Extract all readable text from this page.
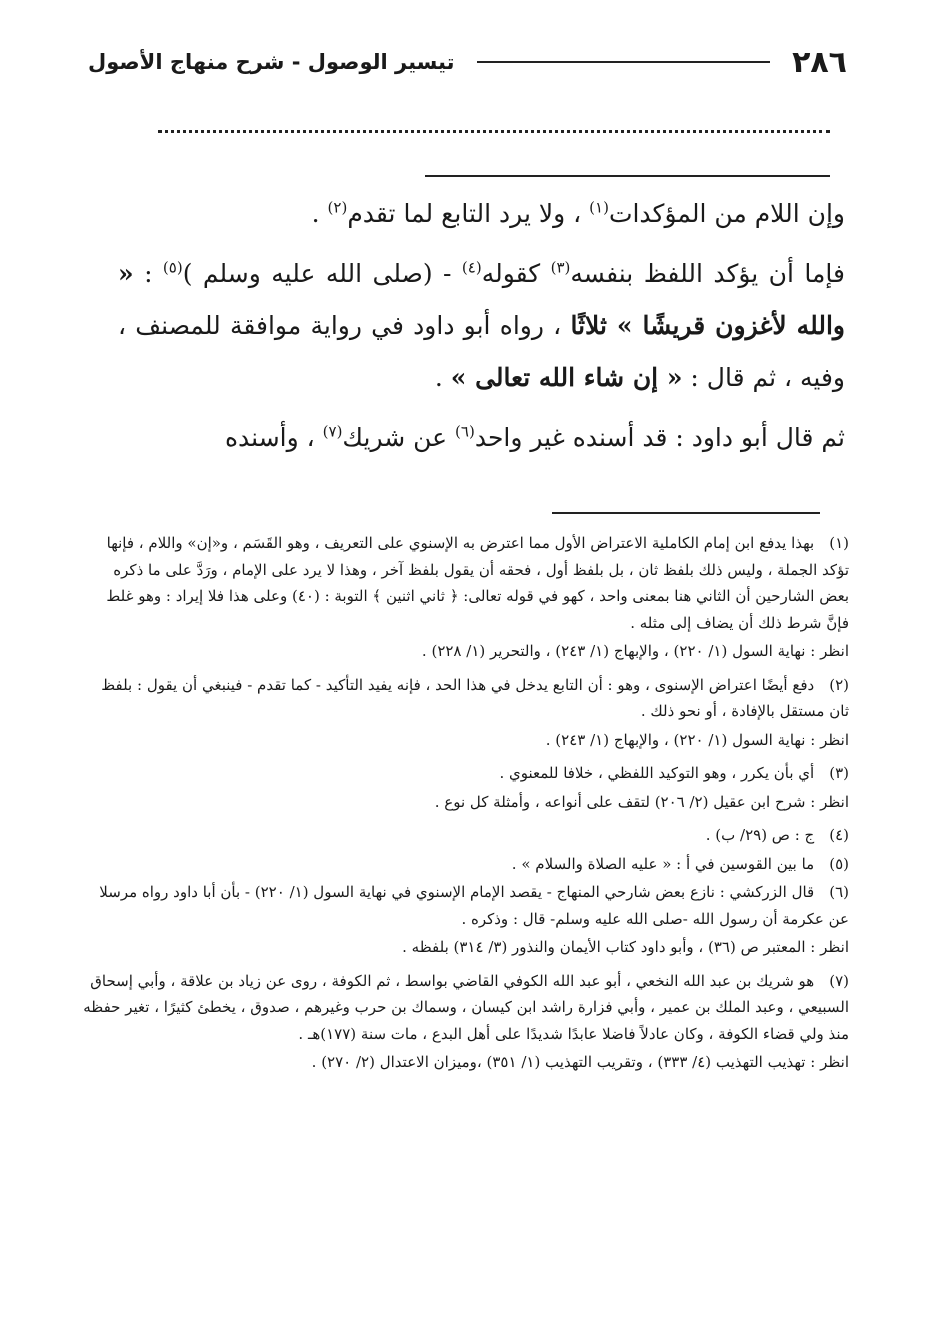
٢٨٦
تيسير الوصول - شرح منهاج الأصول

وإن اللام من المؤكدات$^{(١)}$ ، ولا يرد التابع لما تقدم$^{(٢)}$ .

فإما أن يؤكد اللفظ بنفسه$^{(٣)}$ كقوله$^{(٤)}$ - (صلى الله عليه وسلم )$^{(٥)}$ : « والله لأغزون قريشًا » ثلاثًا ، رواه أبو داود في رواية موافقة للمصنف ، وفيه ، ثم قال : « إن شاء الله تعالى » .

ثم قال أبو داود : قد أسنده غير واحد$^{(٦)}$ عن شريك$^{(٧)}$ ، وأسنده

(١) بهذا يدفع ابن إمام الكاملية الاعتراض الأول مما اعترض به الإسنوي على التعريف ، وهو القَسَم ، و«إن» واللام ، فإنها تؤكد الجملة ، وليس ذلك بلفظ ثان ، بل بلفظ أول ، فحقه أن يقول بلفظ آخر ، وهذا لا يرد على الإمام ، ورَدَّ على ما ذكره بعض الشارحين أن الثاني هنا بمعنى واحد ، كهو في قوله تعالى: ﴿ ثاني اثنين ﴾ التوبة : (٤٠) وعلى هذا فلا إيراد : وهو غلط فإنَّ شرط ذلك أن يضاف إلى مثله .
انظر : نهاية السول (١/ ٢٢٠) ، والإبهاج (١/ ٢٤٣) ، والتحرير (١/ ٢٢٨) .
(٢) دفع أيضًا اعتراض الإسنوى ، وهو : أن التابع يدخل في هذا الحد ، فإنه يفيد التأكيد - كما تقدم - فينبغي أن يقول : بلفظ ثان مستقل بالإفادة ، أو نحو ذلك .
انظر : نهاية السول (١/ ٢٢٠) ، والإبهاج (١/ ٢٤٣) .
(٣) أي بأن يكرر ، وهو التوكيد اللفظي ، خلافا للمعنوي .
انظر : شرح ابن عقيل (٢/ ٢٠٦) لتقف على أنواعه ، وأمثلة كل نوع .
(٤) ج : ص (٢٩/ ب) .
(٥) ما بين القوسين في أ : « عليه الصلاة والسلام » .
(٦) قال الزركشي : نازع بعض شارحي المنهاج - يقصد الإمام الإسنوي في نهاية السول (١/ ٢٢٠) - بأن أبا داود رواه مرسلا عن عكرمة أن رسول الله -صلى الله عليه وسلم- قال : وذكره .
انظر : المعتبر ص (٣٦) ، وأبو داود كتاب الأيمان والنذور (٣/ ٣١٤) بلفظه .
(٧) هو شريك بن عبد الله النخعي ، أبو عبد الله الكوفي القاضي بواسط ، ثم الكوفة ، روى عن زياد بن علاقة ، وأبي إسحاق السبيعي ، وعبد الملك بن عمير ، وأبي فزارة راشد ابن كيسان ، وسماك بن حرب وغيرهم ، صدوق ، يخطئ كثيرًا ، تغير حفظه منذ ولي قضاء الكوفة ، وكان عادلاً فاضلا عابدًا شديدًا على أهل البدع ، مات سنة (١٧٧)هـ .
انظر : تهذيب التهذيب (٤/ ٣٣٣) ، وتقريب التهذيب (١/ ٣٥١) ،وميزان الاعتدال (٢/ ٢٧٠) .
